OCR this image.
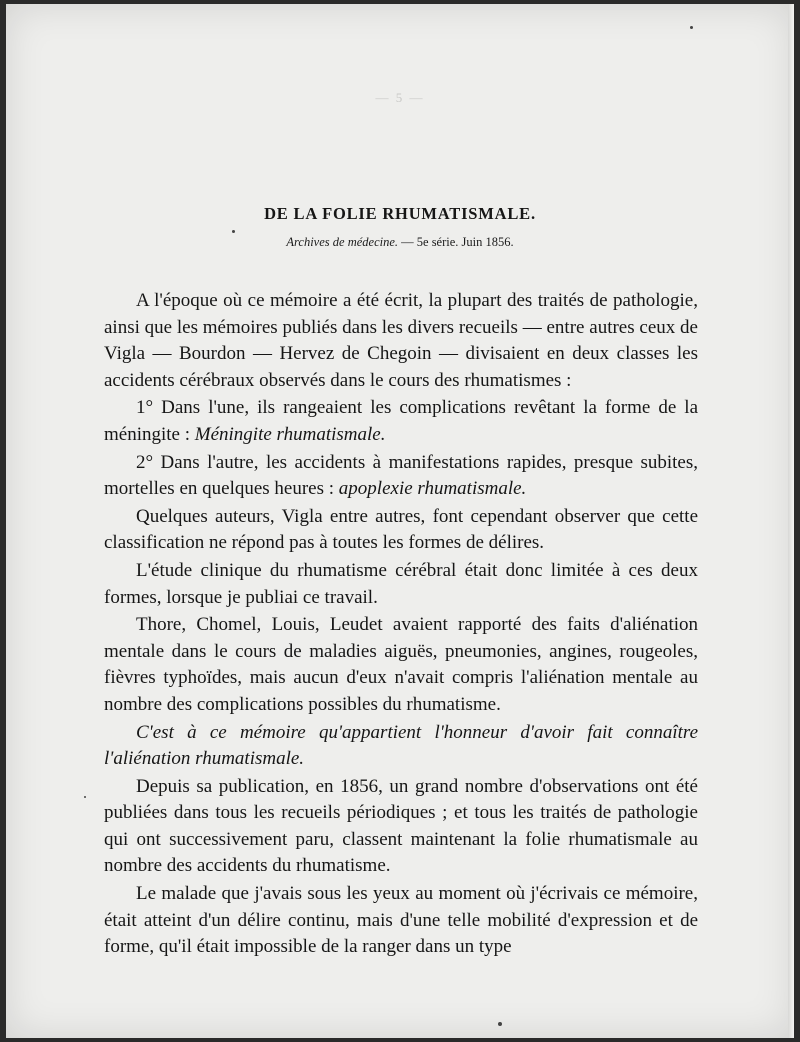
— 5 —
DE LA FOLIE RHUMATISMALE.
Archives de médecine. — 5e série. Juin 1856.

A l'époque où ce mémoire a été écrit, la plupart des traités de pathologie, ainsi que les mémoires publiés dans les divers recueils — entre autres ceux de Vigla — Bourdon — Hervez de Chegoin — divisaient en deux classes les accidents cérébraux observés dans le cours des rhumatismes :

1° Dans l'une, ils rangeaient les complications revêtant la forme de la méningite : Méningite rhumatismale.

2° Dans l'autre, les accidents à manifestations rapides, presque subites, mortelles en quelques heures : apoplexie rhumatismale.

Quelques auteurs, Vigla entre autres, font cependant observer que cette classification ne répond pas à toutes les formes de délires.

L'étude clinique du rhumatisme cérébral était donc limitée à ces deux formes, lorsque je publiai ce travail.

Thore, Chomel, Louis, Leudet avaient rapporté des faits d'aliénation mentale dans le cours de maladies aiguës, pneumonies, angines, rougeoles, fièvres typhoïdes, mais aucun d'eux n'avait compris l'aliénation mentale au nombre des complications possibles du rhumatisme.

C'est à ce mémoire qu'appartient l'honneur d'avoir fait connaître l'aliénation rhumatismale.

Depuis sa publication, en 1856, un grand nombre d'observations ont été publiées dans tous les recueils périodiques ; et tous les traités de pathologie qui ont successivement paru, classent maintenant la folie rhumatismale au nombre des accidents du rhumatisme.

Le malade que j'avais sous les yeux au moment où j'écrivais ce mémoire, était atteint d'un délire continu, mais d'une telle mobilité d'expression et de forme, qu'il était impossible de la ranger dans un type
